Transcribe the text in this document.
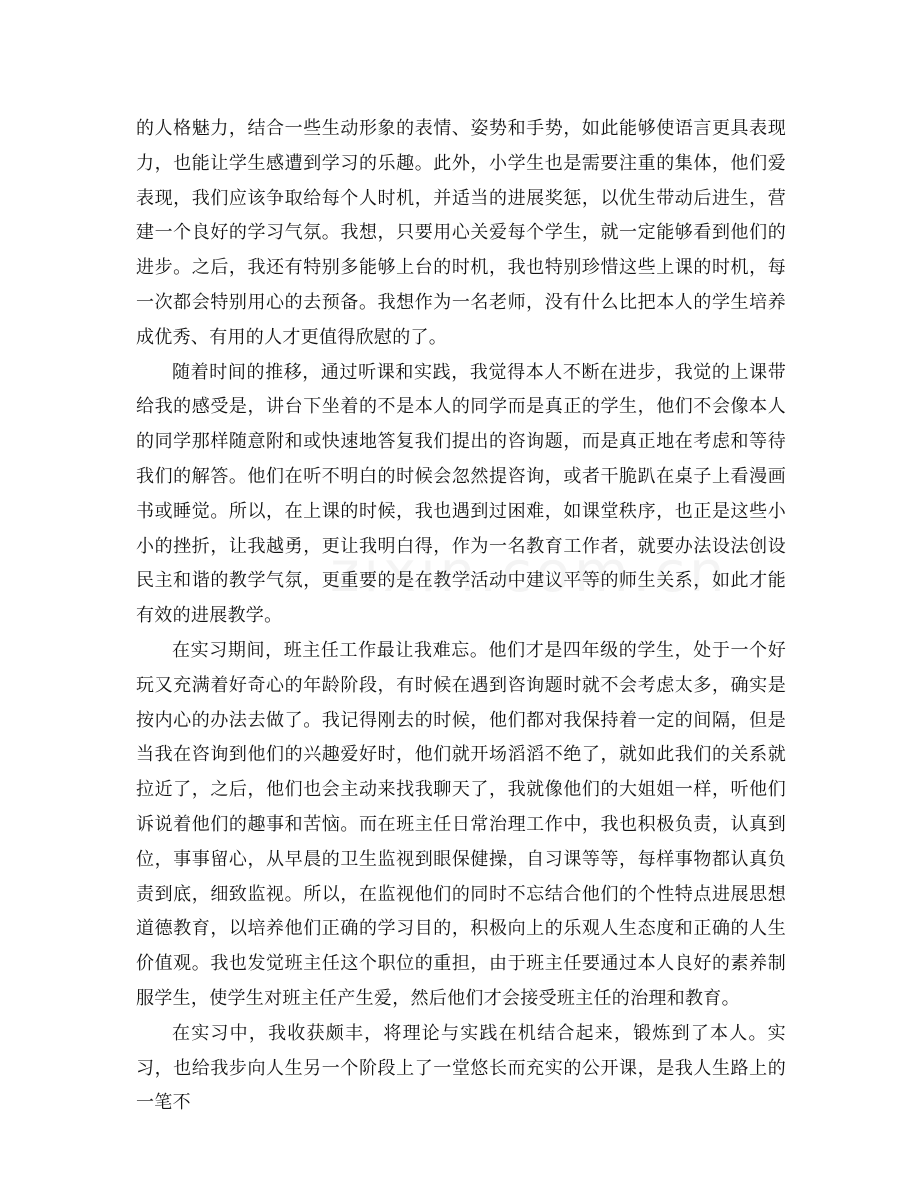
的人格魅力，结合一些生动形象的表情、姿势和手势，如此能够使语言更具表现力，也能让学生感遭到学习的乐趣。此外，小学生也是需要注重的集体，他们爱表现，我们应该争取给每个人时机，并适当的进展奖惩，以优生带动后进生，营建一个良好的学习气氛。我想，只要用心关爱每个学生，就一定能够看到他们的进步。之后，我还有特别多能够上台的时机，我也特别珍惜这些上课的时机，每一次都会特别用心的去预备。我想作为一名老师，没有什么比把本人的学生培养成优秀、有用的人才更值得欣慰的了。

随着时间的推移，通过听课和实践，我觉得本人不断在进步，我觉的上课带给我的感受是，讲台下坐着的不是本人的同学而是真正的学生，他们不会像本人的同学那样随意附和或快速地答复我们提出的咨询题，而是真正地在考虑和等待我们的解答。他们在听不明白的时候会忽然提咨询，或者干脆趴在桌子上看漫画书或睡觉。所以，在上课的时候，我也遇到过困难，如课堂秩序，也正是这些小小的挫折，让我越勇，更让我明白得，作为一名教育工作者，就要办法设法创设民主和谐的教学气氛，更重要的是在教学活动中建议平等的师生关系，如此才能有效的进展教学。

在实习期间，班主任工作最让我难忘。他们才是四年级的学生，处于一个好玩又充满着好奇心的年龄阶段，有时候在遇到咨询题时就不会考虑太多，确实是按内心的办法去做了。我记得刚去的时候，他们都对我保持着一定的间隔，但是当我在咨询到他们的兴趣爱好时，他们就开场滔滔不绝了，就如此我们的关系就拉近了，之后，他们也会主动来找我聊天了，我就像他们的大姐姐一样，听他们诉说着他们的趣事和苦恼。而在班主任日常治理工作中，我也积极负责，认真到位，事事留心，从早晨的卫生监视到眼保健操，自习课等等，每样事物都认真负责到底，细致监视。所以，在监视他们的同时不忘结合他们的个性特点进展思想道德教育，以培养他们正确的学习目的，积极向上的乐观人生态度和正确的人生价值观。我也发觉班主任这个职位的重担，由于班主任要通过本人良好的素养制服学生，使学生对班主任产生爱，然后他们才会接受班主任的治理和教育。

在实习中，我收获颇丰，将理论与实践在机结合起来，锻炼到了本人。实习，也给我步向人生另一个阶段上了一堂悠长而充实的公开课，是我人生路上的一笔不
